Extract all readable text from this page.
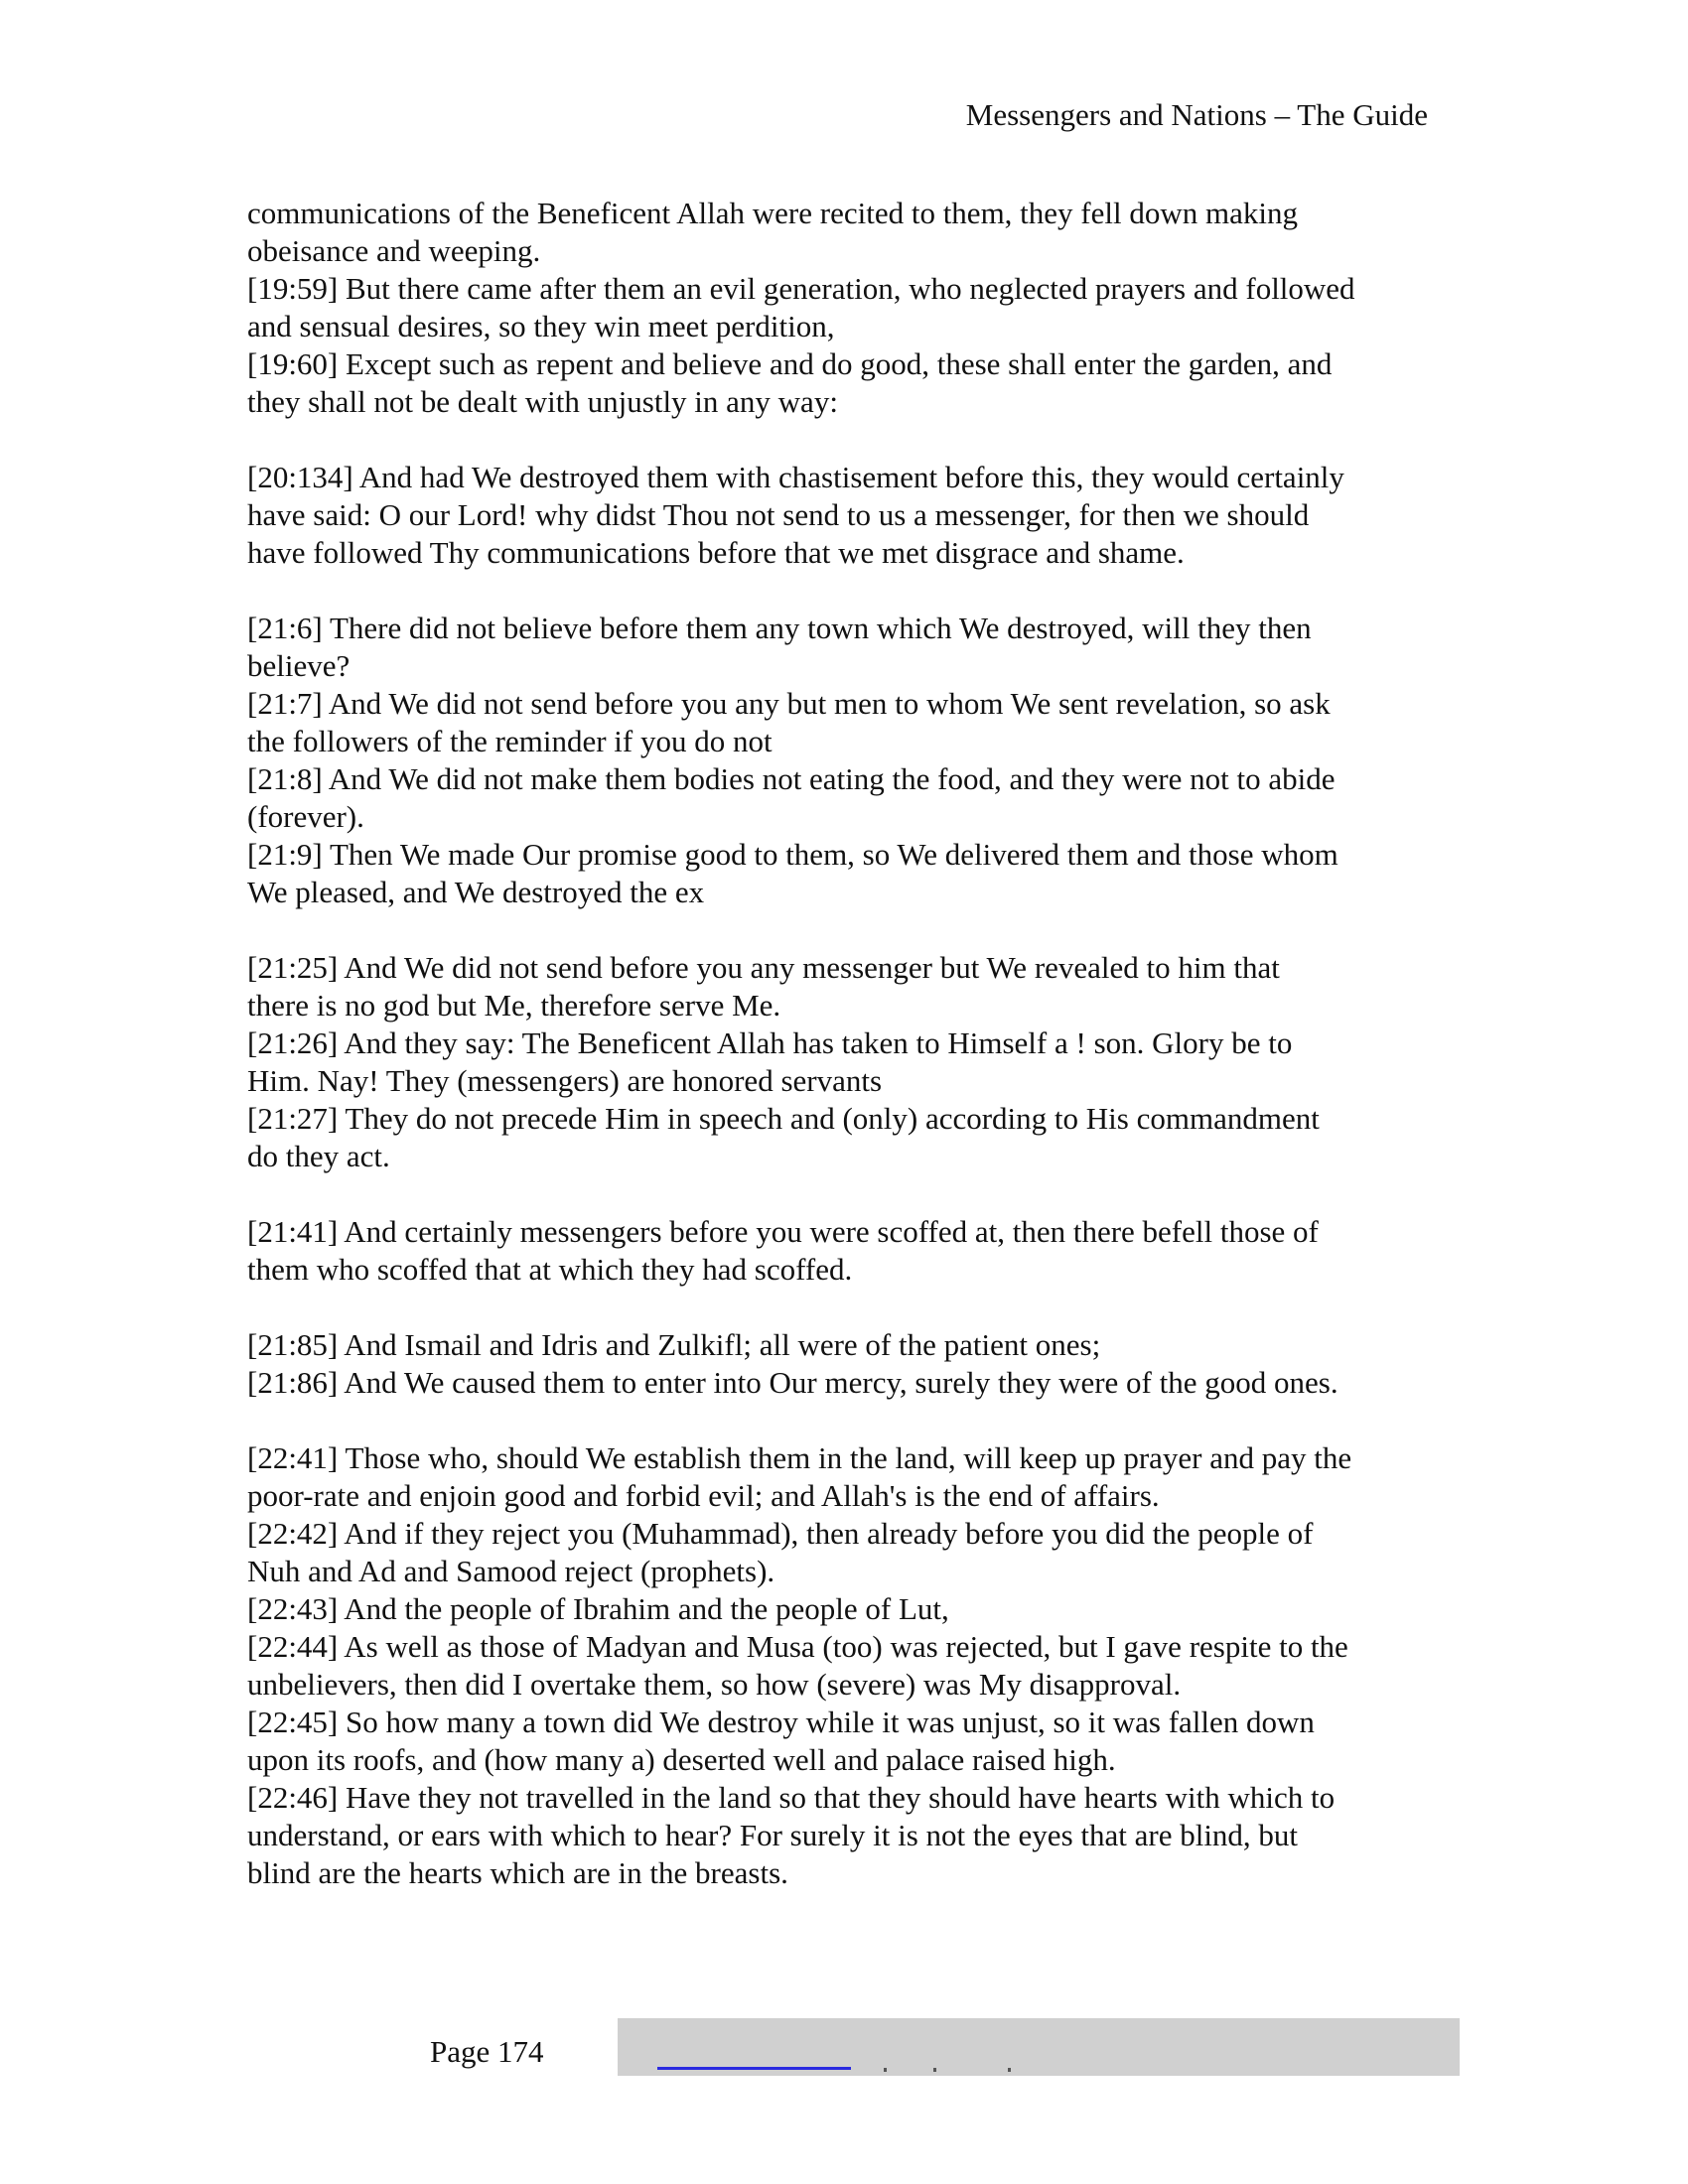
Messengers and Nations – The Guide
communications of the Beneficent Allah were recited to them, they fell down making
obeisance and weeping.
[19:59] But there came after them an evil generation, who neglected prayers and followed
and sensual desires, so they win meet perdition,
[19:60] Except such as repent and believe and do good, these shall enter the garden, and
they shall not be dealt with unjustly in any way:
[20:134] And had We destroyed them with chastisement before this, they would certainly
have said: O our Lord! why didst Thou not send to us a messenger, for then we should
have followed Thy communications before that we met disgrace and shame.
[21:6] There did not believe before them any town which We destroyed, will they then
believe?
[21:7] And We did not send before you any but men to whom We sent revelation, so ask
the followers of the reminder if you do not
[21:8] And We did not make them bodies not eating the food, and they were not to abide
(forever).
[21:9] Then We made Our promise good to them, so We delivered them and those whom
We pleased, and We destroyed the ex
[21:25] And We did not send before you any messenger but We revealed to him that
there is no god but Me, therefore serve Me.
[21:26] And they say: The Beneficent Allah has taken to Himself a ! son. Glory be to
Him. Nay! They (messengers) are honored servants
[21:27] They do not precede Him in speech and (only) according to His commandment
do they act.
[21:41] And certainly messengers before you were scoffed at, then there befell those of
them who scoffed that at which they had scoffed.
[21:85] And Ismail and Idris and Zulkifl; all were of the patient ones;
[21:86] And We caused them to enter into Our mercy, surely they were of the good ones.
[22:41] Those who, should We establish them in the land, will keep up prayer and pay the
poor-rate and enjoin good and forbid evil; and Allah's is the end of affairs.
[22:42] And if they reject you (Muhammad), then already before you did the people of
Nuh and Ad and Samood reject (prophets).
[22:43] And the people of Ibrahim and the people of Lut,
[22:44] As well as those of Madyan and Musa (too) was rejected, but I gave respite to the
unbelievers, then did I overtake them, so how (severe) was My disapproval.
[22:45] So how many a town did We destroy while it was unjust, so it was fallen down
upon its roofs, and (how many a) deserted well and palace raised high.
[22:46] Have they not travelled in the land so that they should have hearts with which to
understand, or ears with which to hear? For surely it is not the eyes that are blind, but
blind are the hearts which are in the breasts.
Page 174
